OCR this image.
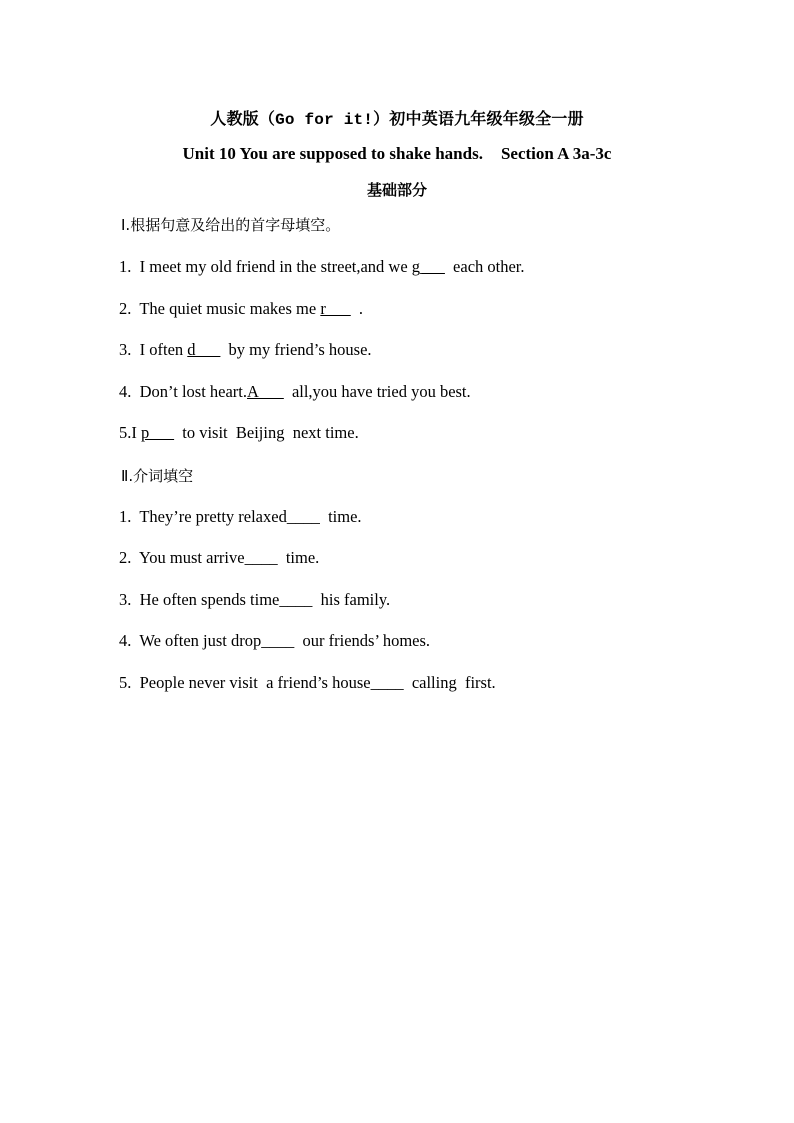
人教版（Go for it!）初中英语九年级年级全一册
Unit 10 You are supposed to shake hands. Section A 3a-3c
基础部分
Ⅰ.根据句意及给出的首字母填空。
1.  I meet my old friend in the street,and we g___  each other.
2.  The quiet music makes me r___  .
3.  I often d___  by my friend’s house.
4.  Don’t lost heart.A___  all,you have tried you best.
5.I p___  to visit  Beijing  next time.
Ⅱ.介词填空
1.  They’re pretty relaxed____  time.
2.  You must arrive____  time.
3.  He often spends time____  his family.
4.  We often just drop____  our friends’ homes.
5.  People never visit  a friend’s house____  calling  first.
